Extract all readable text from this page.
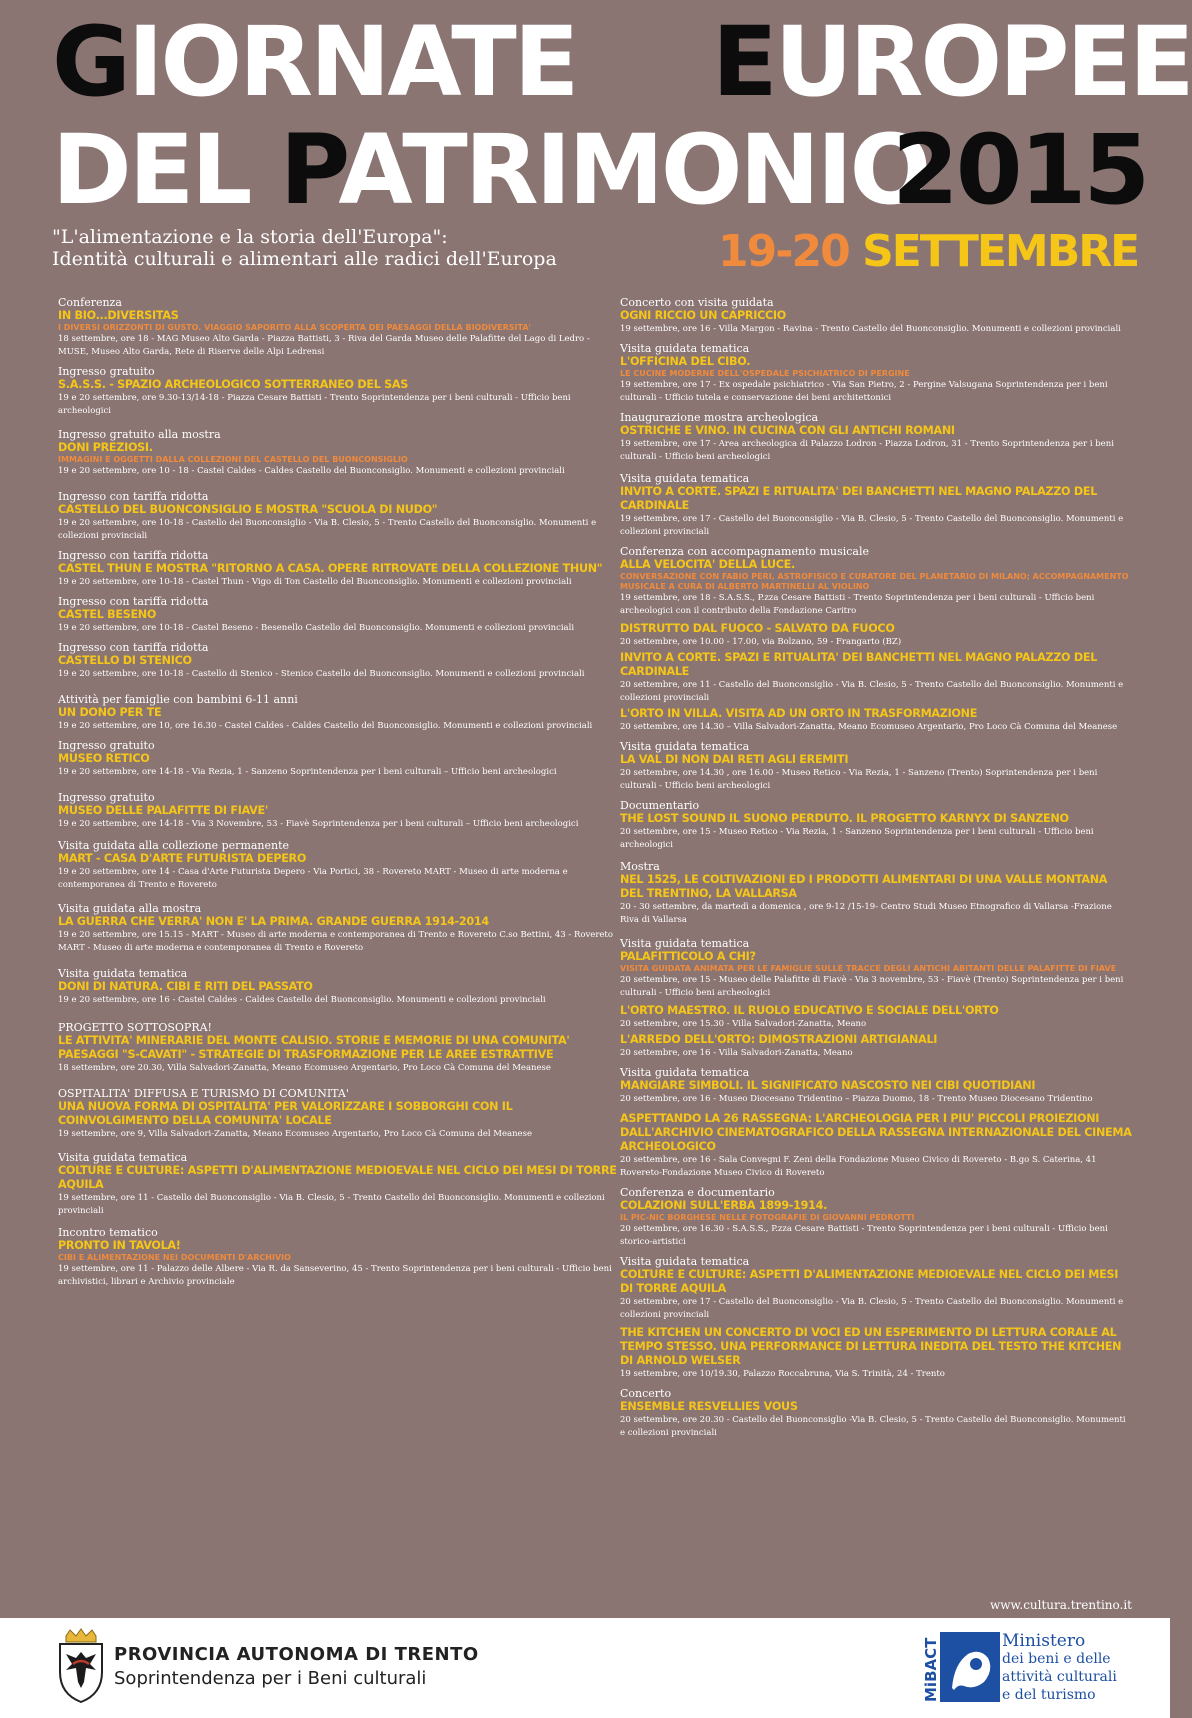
GIORNATE EUROPEE
DEL PATRIMONIO
2015
"L'alimentazione e la storia dell'Europa":
Identità culturali e alimentari alle radici dell'Europa	19-20 SETTEMBRE
Conferenza
IN BIO...DIVERSITAS
I DIVERSI ORIZZONTI DI GUSTO. VIAGGIO SAPORITO ALLA SCOPERTA DEI PAESAGGI DELLA BIODIVERSITA'
18 settembre, ore 18 - MAG Museo Alto Garda - Piazza Battisti, 3 - Riva del Garda Museo delle Palafitte del Lago di Ledro - MUSE, Museo Alto Garda, Rete di Riserve delle Alpi Ledrensi
Ingresso gratuito
S.A.S.S. - SPAZIO ARCHEOLOGICO SOTTERRANEO DEL SAS
19 e 20 settembre, ore 9.30-13/14-18 - Piazza Cesare Battisti - Trento Soprintendenza per i beni culturali - Ufficio beni archeologici
Ingresso gratuito alla mostra
DONI PREZIOSI.
IMMAGINI E OGGETTI DALLA COLLEZIONI DEL CASTELLO DEL BUONCONSIGLIO
19 e 20 settembre, ore 10 - 18 - Castel Caldes - Caldes Castello del Buonconsiglio. Monumenti e collezioni provinciali
Ingresso con tariffa ridotta
CASTELLO DEL BUONCONSIGLIO E MOSTRA "SCUOLA DI NUDO"
19 e 20 settembre, ore 10-18 - Castello del Buonconsiglio - Via B. Clesio, 5 - Trento Castello del Buonconsiglio. Monumenti e collezioni provinciali
Ingresso con tariffa ridotta
CASTEL THUN E MOSTRA "RITORNO A CASA. OPERE RITROVATE DELLA COLLEZIONE THUN"
19 e 20 settembre, ore 10-18 - Castel Thun - Vigo di Ton Castello del Buonconsiglio. Monumenti e collezioni provinciali
Ingresso con tariffa ridotta
CASTEL BESENO
19 e 20 settembre, ore 10-18 - Castel Beseno - Besenello Castello del Buonconsiglio. Monumenti e collezioni provinciali
Ingresso con tariffa ridotta
CASTELLO DI STENICO
19 e 20 settembre, ore 10-18 - Castello di Stenico - Stenico Castello del Buonconsiglio. Monumenti e collezioni provinciali
Attività per famiglie con bambini 6-11 anni
UN DONO PER TE
19 e 20 settembre, ore 10, ore 16.30 - Castel Caldes - Caldes Castello del Buonconsiglio. Monumenti e collezioni provinciali
Ingresso gratuito
MUSEO RETICO
19 e 20 settembre, ore 14-18 - Via Rezia, 1 - Sanzeno Soprintendenza per i beni culturali – Ufficio beni archeologici
Ingresso gratuito
MUSEO DELLE PALAFITTE DI FIAVE'
19 e 20 settembre, ore 14-18 - Via 3 Novembre, 53 - Fiavè Soprintendenza per i beni culturali – Ufficio beni archeologici
Visita guidata alla collezione permanente
MART - CASA D'ARTE FUTURISTA DEPERO
19 e 20 settembre, ore 14 - Casa d'Arte Futurista Depero - Via Portici, 38 - Rovereto MART - Museo di arte moderna e contemporanea di Trento e Rovereto
Visita guidata alla mostra
LA GUERRA CHE VERRA' NON E' LA PRIMA. GRANDE GUERRA 1914-2014
19 e 20 settembre, ore 15.15 - MART - Museo di arte moderna e contemporanea di Trento e Rovereto C.so Bettini, 43 - Rovereto MART - Museo di arte moderna e contemporanea di Trento e Rovereto
Visita guidata tematica
DONI DI NATURA. CIBI E RITI DEL PASSATO
19 e 20 settembre, ore 16 - Castel Caldes - Caldes Castello del Buonconsiglio. Monumenti e collezioni provinciali
PROGETTO SOTTOSOPRA!
LE ATTIVITA' MINERARIE DEL MONTE CALISIO. STORIE E MEMORIE DI UNA COMUNITA' PAESAGGI "S-CAVATI" - STRATEGIE DI TRASFORMAZIONE PER LE AREE ESTRATTIVE
18 settembre, ore 20.30, Villa Salvadori-Zanatta, Meano Ecomuseo Argentario, Pro Loco Cà Comuna del Meanese
OSPITALITA' DIFFUSA E TURISMO DI COMUNITA'
UNA NUOVA FORMA DI OSPITALITA' PER VALORIZZARE I SOBBORGHI CON IL COINVOLGIMENTO DELLA COMUNITA' LOCALE
19 settembre, ore 9, Villa Salvadori-Zanatta, Meano Ecomuseo Argentario, Pro Loco Cà Comuna del Meanese
Visita guidata tematica
COLTURE E CULTURE: ASPETTI D'ALIMENTAZIONE MEDIOEVALE NEL CICLO DEI MESI DI TORRE AQUILA
19 settembre, ore 11 - Castello del Buonconsiglio - Via B. Clesio, 5 - Trento Castello del Buonconsiglio. Monumenti e collezioni provinciali
Incontro tematico
PRONTO IN TAVOLA!
CIBI E ALIMENTAZIONE NEI DOCUMENTI D'ARCHIVIO
19 settembre, ore 11 - Palazzo delle Albere - Via R. da Sanseverino, 45 - Trento Soprintendenza per i beni culturali - Ufficio beni archivistici, librari e Archivio provinciale
Concerto con visita guidata
OGNI RICCIO UN CAPRICCIO
19 settembre, ore 16 - Villa Margon - Ravina - Trento Castello del Buonconsiglio. Monumenti e collezioni provinciali
Visita guidata tematica
L'OFFICINA DEL CIBO.
LE CUCINE MODERNE DELL'OSPEDALE PSICHIATRICO DI PERGINE
19 settembre, ore 17 - Ex ospedale psichiatrico - Via San Pietro, 2 - Pergine Valsugana Soprintendenza per i beni culturali - Ufficio tutela e conservazione dei beni architettonici
Inaugurazione mostra archeologica
OSTRICHE E VINO. IN CUCINA CON GLI ANTICHI ROMANI
19 settembre, ore 17 - Area archeologica di Palazzo Lodron - Piazza Lodron, 31 - Trento Soprintendenza per i beni culturali - Ufficio beni archeologici
Visita guidata tematica
INVITO A CORTE. SPAZI E RITUALITA' DEI BANCHETTI NEL MAGNO PALAZZO DEL CARDINALE
19 settembre, ore 17 - Castello del Buonconsiglio - Via B. Clesio, 5 - Trento Castello del Buonconsiglio. Monumenti e collezioni provinciali
Conferenza con accompagnamento musicale
ALLA VELOCITA' DELLA LUCE.
CONVERSAZIONE CON FABIO PERI, ASTROFISICO E CURATORE DEL PLANETARIO DI MILANO; ACCOMPAGNAMENTO MUSICALE A CURA DI ALBERTO MARTINELLI AL VIOLINO
19 settembre, ore 18 - S.A.S.S., P.zza Cesare Battisti - Trento Soprintendenza per i beni culturali - Ufficio beni archeologici con il contributo della Fondazione Caritro
DISTRUTTO DAL FUOCO - SALVATO DA FUOCO
20 settembre, ore 10.00 - 17.00, via Bolzano, 59 - Frangarto (BZ)
INVITO A CORTE. SPAZI E RITUALITA' DEI BANCHETTI NEL MAGNO PALAZZO DEL CARDINALE
20 settembre, ore 11 - Castello del Buonconsiglio - Via B. Clesio, 5 - Trento Castello del Buonconsiglio. Monumenti e collezioni provinciali
L'ORTO IN VILLA. VISITA AD UN ORTO IN TRASFORMAZIONE
20 settembre, ore 14.30 – Villa Salvadori-Zanatta, Meano Ecomuseo Argentario, Pro Loco Cà Comuna del Meanese
Visita guidata tematica
LA VAL DI NON DAI RETI AGLI EREMITI
20 settembre, ore 14.30 , ore 16.00 - Museo Retico - Via Rezia, 1 - Sanzeno (Trento) Soprintendenza per i beni culturali - Ufficio beni archeologici
Documentario
THE LOST SOUND IL SUONO PERDUTO. IL PROGETTO KARNYX DI SANZENO
20 settembre, ore 15 - Museo Retico - Via Rezia, 1 - Sanzeno Soprintendenza per i beni culturali - Ufficio beni archeologici
Mostra
NEL 1525, LE COLTIVAZIONI ED I PRODOTTI ALIMENTARI DI UNA VALLE MONTANA DEL TRENTINO, LA VALLARSA
20 - 30 settembre, da martedì a domenica , ore 9-12 /15-19- Centro Studi Museo Etnografico di Vallarsa -Frazione Riva di Vallarsa
Visita guidata tematica
PALAFITTICOLO A CHI?
VISITA GUIDATA ANIMATA PER LE FAMIGLIE SULLE TRACCE DEGLI ANTICHI ABITANTI DELLE PALAFITTE DI FIAVE
20 settembre, ore 15 - Museo delle Palafitte di Fiavè - Via 3 novembre, 53 - Fiavè (Trento) Soprintendenza per i beni culturali - Ufficio beni archeologici
L'ORTO MAESTRO. IL RUOLO EDUCATIVO E SOCIALE DELL'ORTO
20 settembre, ore 15.30 - Villa Salvadori-Zanatta, Meano
L'ARREDO DELL'ORTO: DIMOSTRAZIONI ARTIGIANALI
20 settembre, ore 16 - Villa Salvadori-Zanatta, Meano
Visita guidata tematica
MANGIARE SIMBOLI. IL SIGNIFICATO NASCOSTO NEI CIBI QUOTIDIANI
20 settembre, ore 16 - Museo Diocesano Tridentino – Piazza Duomo, 18 - Trento Museo Diocesano Tridentino
ASPETTANDO LA 26 RASSEGNA: L'ARCHEOLOGIA PER I PIU' PICCOLI PROIEZIONI DALL'ARCHIVIO CINEMATOGRAFICO DELLA RASSEGNA INTERNAZIONALE DEL CINEMA ARCHEOLOGICO
20 settembre, ore 16 - Sala Convegni F. Zeni della Fondazione Museo Civico di Rovereto - B.go S. Caterina, 41 Rovereto-Fondazione Museo Civico di Rovereto
Conferenza e documentario
COLAZIONI SULL'ERBA 1899-1914.
IL PIC-NIC BORGHESE NELLE FOTOGRAFIE DI GIOVANNI PEDROTTI
20 settembre, ore 16.30 - S.A.S.S., P.zza Cesare Battisti - Trento Soprintendenza per i beni culturali - Ufficio beni storico-artistici
Visita guidata tematica
COLTURE E CULTURE: ASPETTI D'ALIMENTAZIONE MEDIOEVALE NEL CICLO DEI MESI DI TORRE AQUILA
20 settembre, ore 17 - Castello del Buonconsiglio - Via B. Clesio, 5 - Trento Castello del Buonconsiglio. Monumenti e collezioni provinciali
THE KITCHEN UN CONCERTO DI VOCI ED UN ESPERIMENTO DI LETTURA CORALE AL TEMPO STESSO. UNA PERFORMANCE DI LETTURA INEDITA DEL TESTO THE KITCHEN DI ARNOLD WELSER
19 settembre, ore 10/19.30, Palazzo Roccabruna, Via S. Trinità, 24 - Trento
Concerto
ENSEMBLE RESVELLIES VOUS
20 settembre, ore 20.30 - Castello del Buonconsiglio -Via B. Clesio, 5 - Trento Castello del Buonconsiglio. Monumenti e collezioni provinciali
www.cultura.trentino.it
PROVINCIA AUTONOMA DI TRENTO
Soprintendenza per i Beni culturali	MiBACT	Ministero
dei beni e delle
attività culturali
e del turismo
